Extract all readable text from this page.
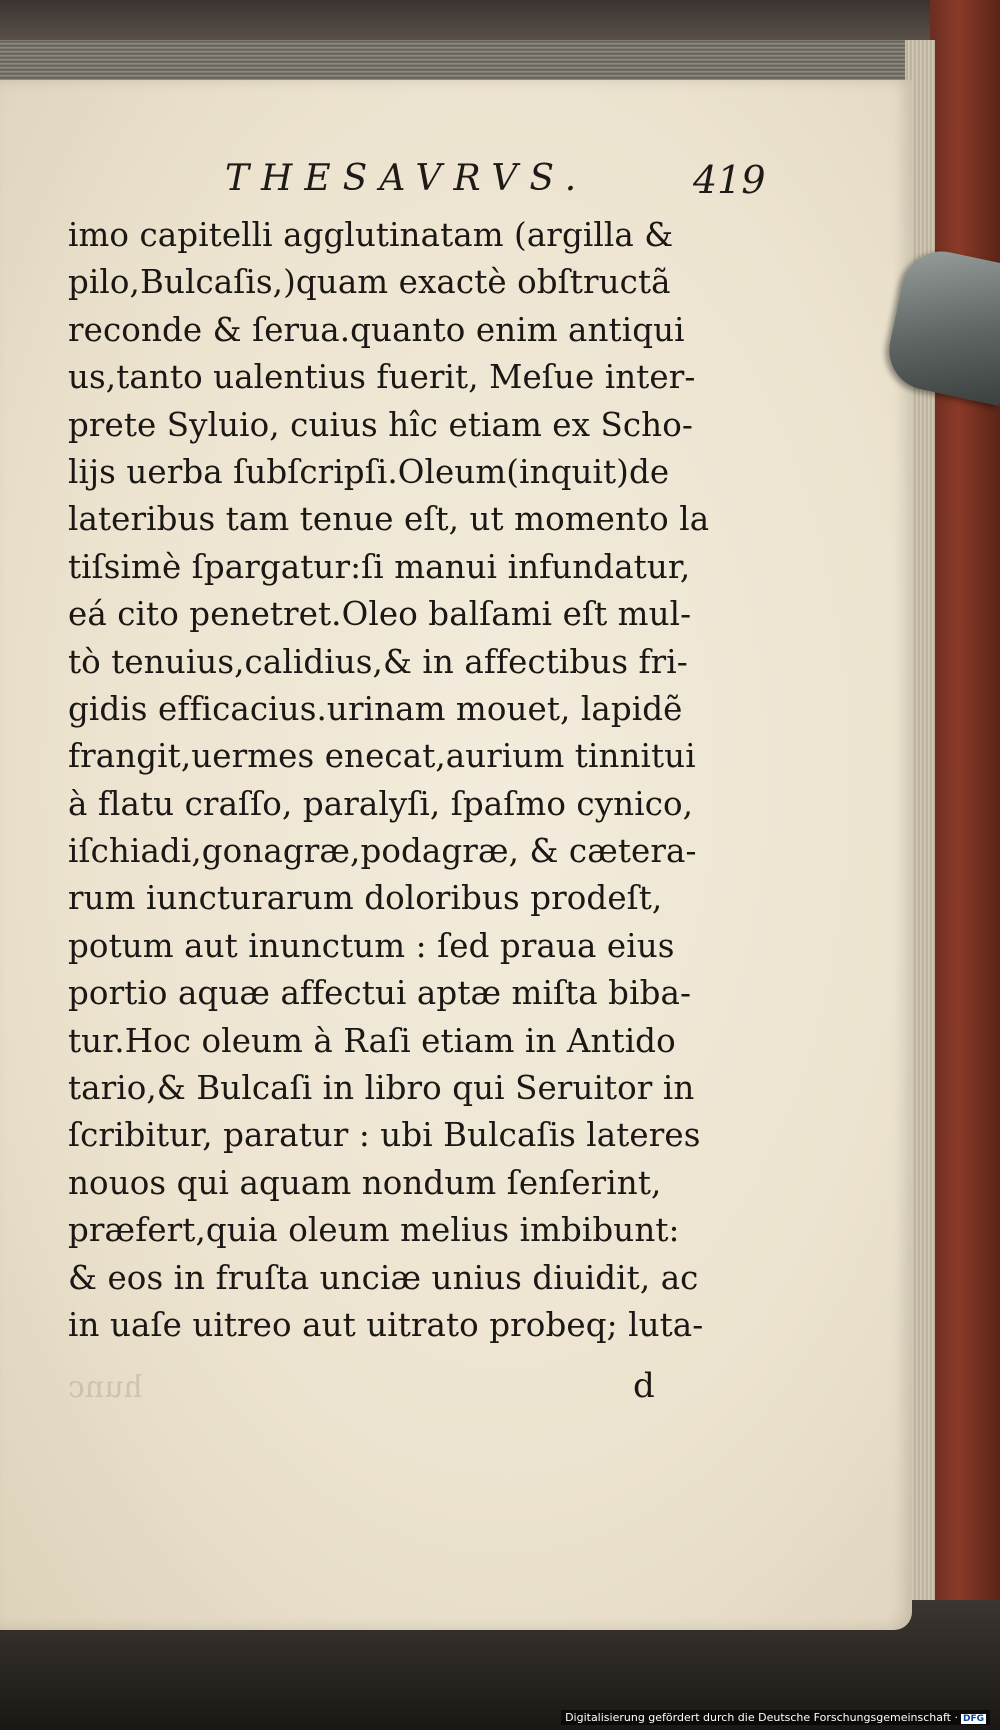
THESAVRVS.	419
imo capitelli agglutinatam (argilla &
pilo,Bulcaſis,)quam exactè obſtructã
reconde & ſerua.quanto enim antiqui
us,tanto ualentius fuerit, Meſue inter-
prete Syluio, cuius hîc etiam ex Scho-
lijs uerba ſubſcripſi.Oleum(inquit)de
lateribus tam tenue eſt, ut momento la
tiſsimè ſpargatur:ſi manui infundatur,
eá cito penetret.Oleo balſami eſt mul-
tò tenuius,calidius,& in affectibus fri-
gidis efficacius.urinam mouet, lapidẽ
frangit,uermes enecat,aurium tinnitui
à flatu craſſo, paralyſi, ſpaſmo cynico,
iſchiadi,gonagræ,podagræ, & cætera-
rum iuncturarum doloribus prodeſt,
potum aut inunctum : ſed praua eius
portio aquæ affectui aptæ miſta biba-
tur.Hoc oleum à Raſi etiam in Antido
tario,& Bulcaſi in libro qui Seruitor in
ſcribitur, paratur : ubi Bulcaſis lateres
nouos qui aquam nondum ſenſerint,
præfert,quia oleum melius imbibunt:
& eos in fruſta unciæ unius diuidit, ac
in uaſe uitreo aut uitrato probeq; luta-
hunc	d
Digitalisierung gefördert durch die Deutsche Forschungsgemeinschaft · DFG
